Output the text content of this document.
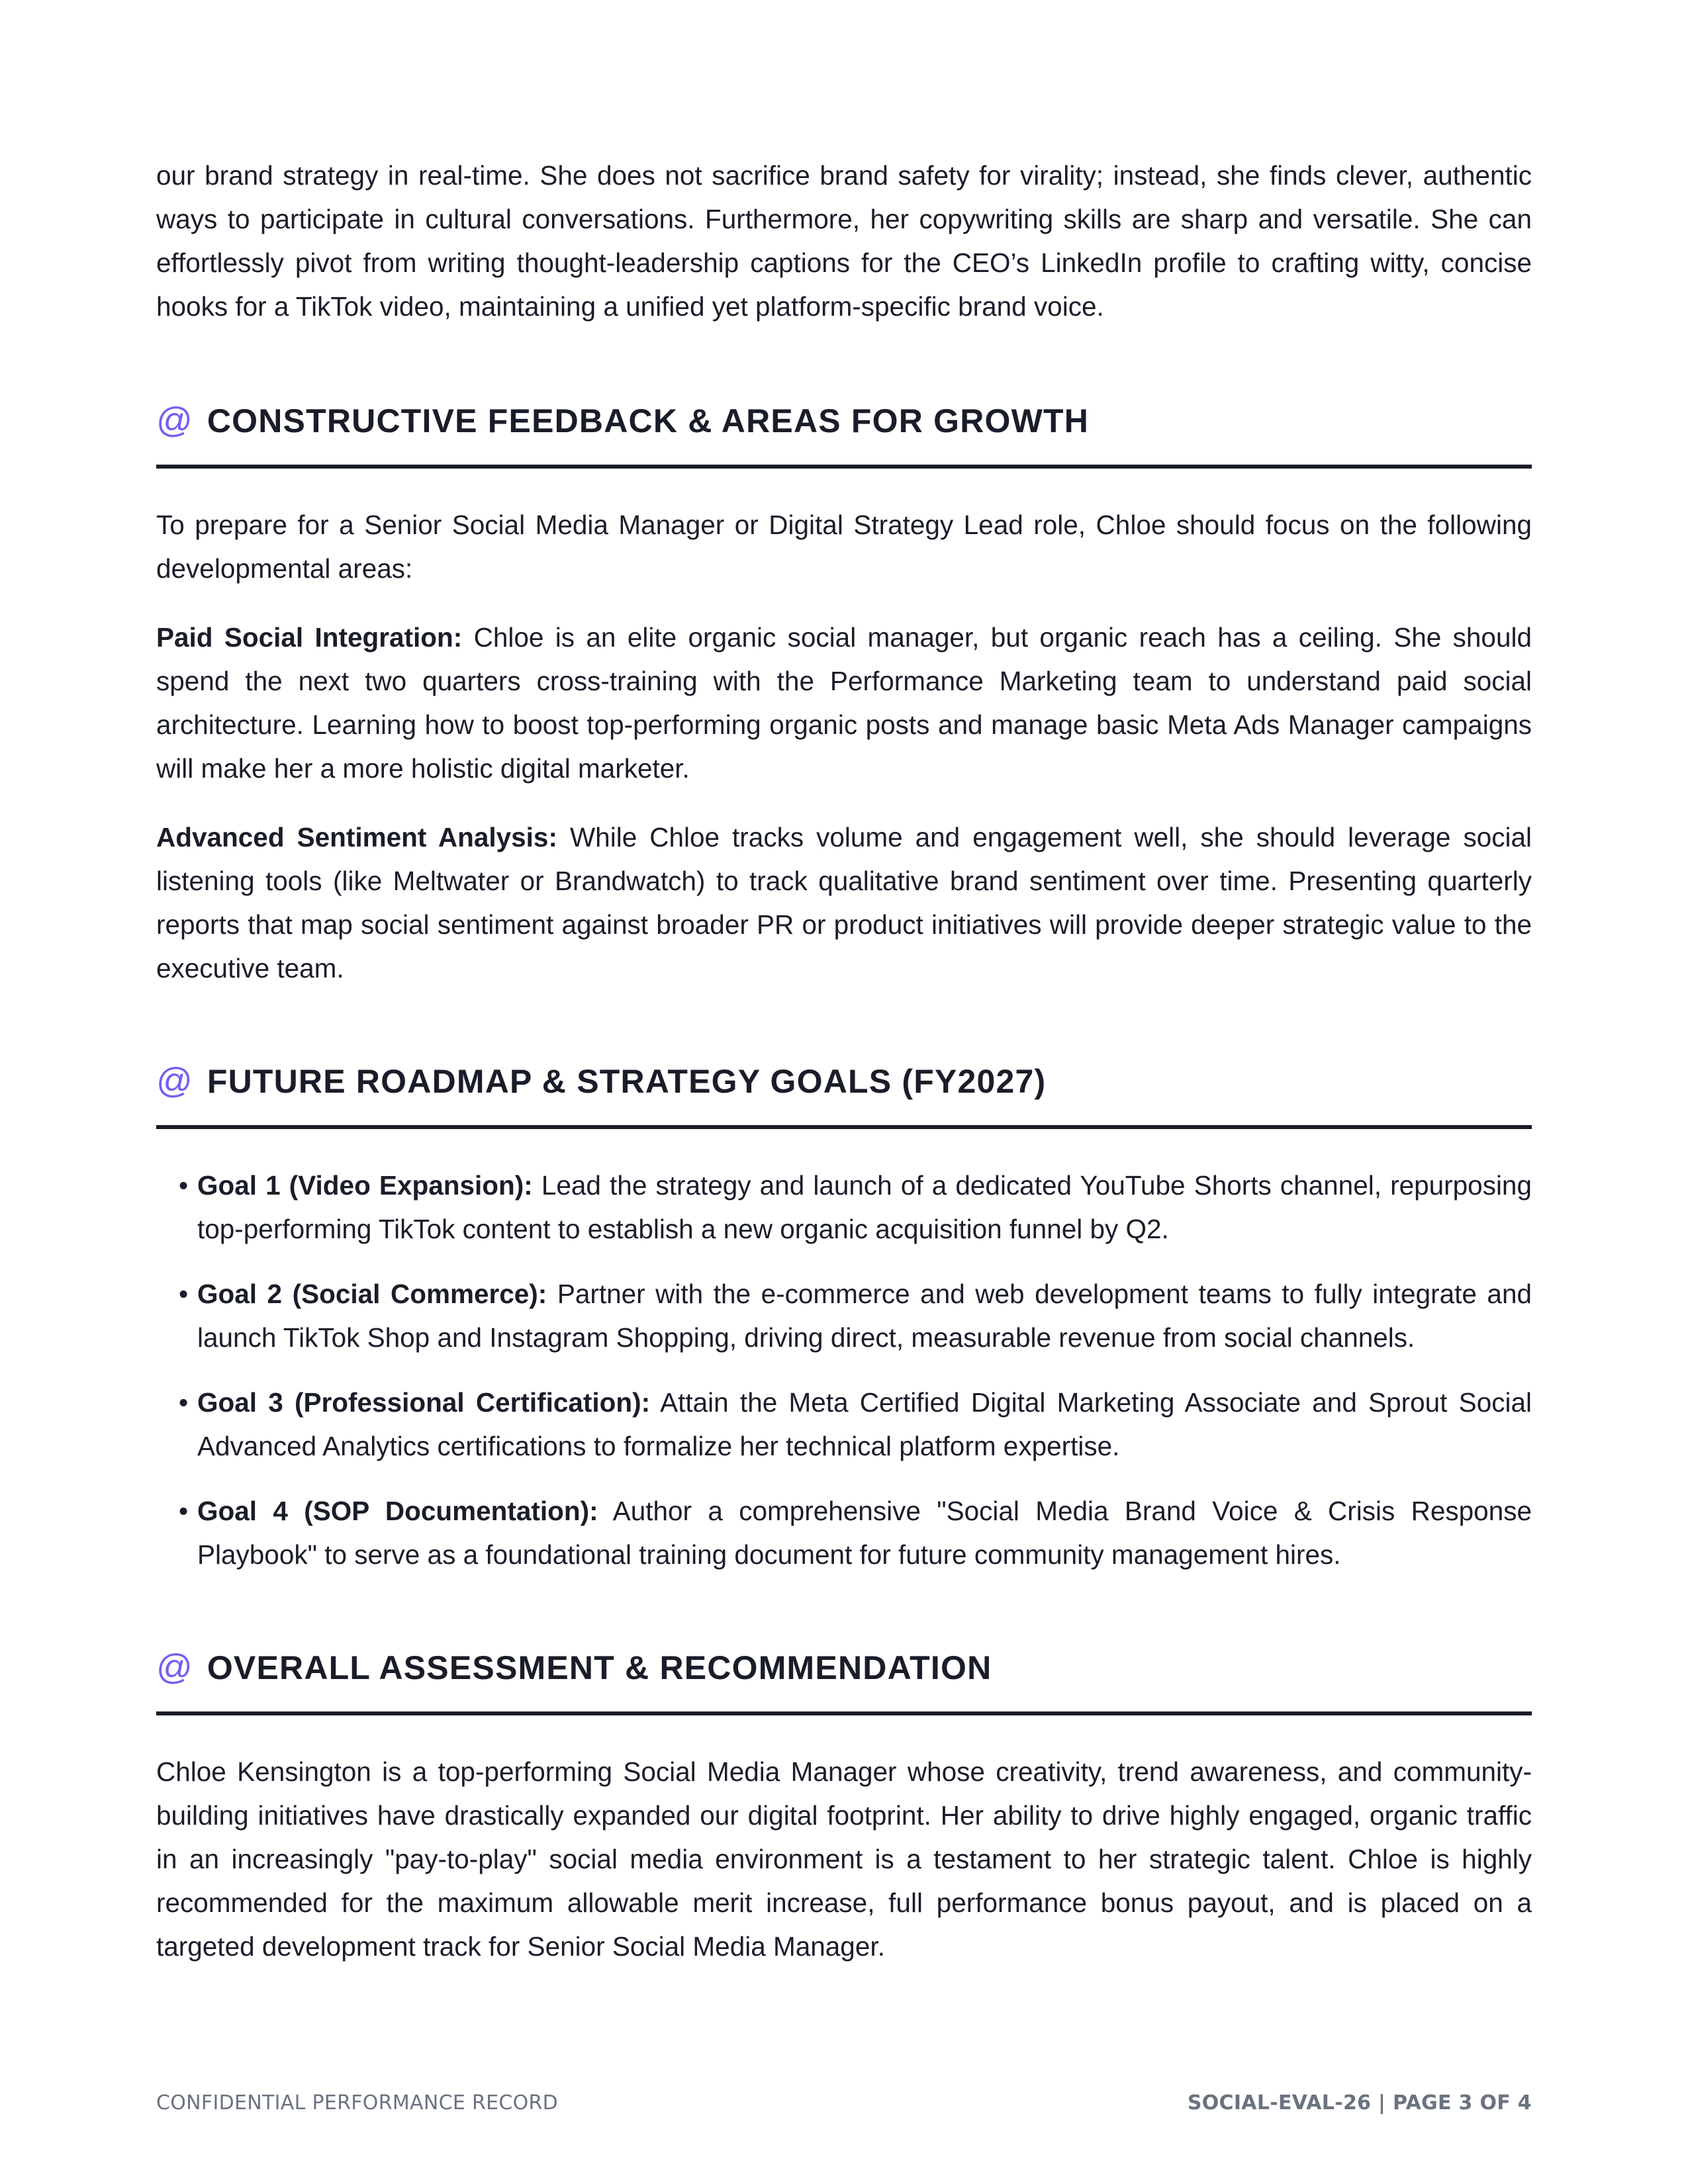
our brand strategy in real-time. She does not sacrifice brand safety for virality; instead, she finds clever, authentic ways to participate in cultural conversations. Furthermore, her copywriting skills are sharp and versatile. She can effortlessly pivot from writing thought-leadership captions for the CEO’s LinkedIn profile to crafting witty, concise hooks for a TikTok video, maintaining a unified yet platform-specific brand voice.

@ CONSTRUCTIVE FEEDBACK & AREAS FOR GROWTH

To prepare for a Senior Social Media Manager or Digital Strategy Lead role, Chloe should focus on the following developmental areas:

Paid Social Integration: Chloe is an elite organic social manager, but organic reach has a ceiling. She should spend the next two quarters cross-training with the Performance Marketing team to understand paid social architecture. Learning how to boost top-performing organic posts and manage basic Meta Ads Manager campaigns will make her a more holistic digital marketer.

Advanced Sentiment Analysis: While Chloe tracks volume and engagement well, she should leverage social listening tools (like Meltwater or Brandwatch) to track qualitative brand sentiment over time. Presenting quarterly reports that map social sentiment against broader PR or product initiatives will provide deeper strategic value to the executive team.

@ FUTURE ROADMAP & STRATEGY GOALS (FY2027)
• Goal 1 (Video Expansion): Lead the strategy and launch of a dedicated YouTube Shorts channel, repurposing top-performing TikTok content to establish a new organic acquisition funnel by Q2.
• Goal 2 (Social Commerce): Partner with the e-commerce and web development teams to fully integrate and launch TikTok Shop and Instagram Shopping, driving direct, measurable revenue from social channels.
• Goal 3 (Professional Certification): Attain the Meta Certified Digital Marketing Associate and Sprout Social Advanced Analytics certifications to formalize her technical platform expertise.
• Goal 4 (SOP Documentation): Author a comprehensive "Social Media Brand Voice & Crisis Response Playbook" to serve as a foundational training document for future community management hires.
@ OVERALL ASSESSMENT & RECOMMENDATION

Chloe Kensington is a top-performing Social Media Manager whose creativity, trend awareness, and community-building initiatives have drastically expanded our digital footprint. Her ability to drive highly engaged, organic traffic in an increasingly "pay-to-play" social media environment is a testament to her strategic talent. Chloe is highly recommended for the maximum allowable merit increase, full performance bonus payout, and is placed on a targeted development track for Senior Social Media Manager.

CONFIDENTIAL PERFORMANCE RECORD	SOCIAL-EVAL-26 | PAGE 3 OF 4
